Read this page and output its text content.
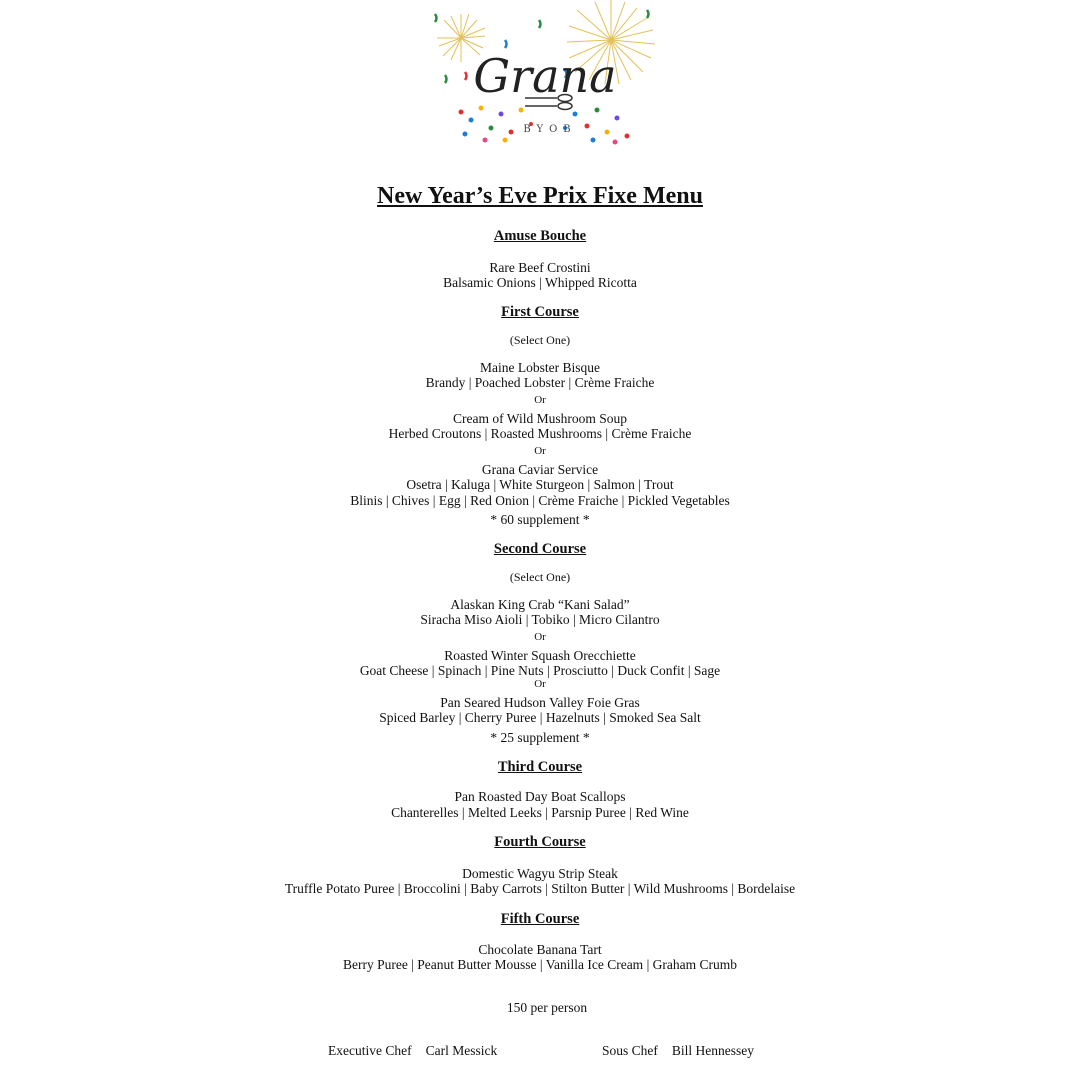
Grana
BYOB
New Year’s Eve Prix Fixe Menu
Amuse Bouche
Rare Beef Crostini
Balsamic Onions | Whipped Ricotta
First Course
(Select One)
Maine Lobster Bisque
Brandy | Poached Lobster | Crème Fraiche
Or
Cream of Wild Mushroom Soup
Herbed Croutons | Roasted Mushrooms | Crème Fraiche
Or
Grana Caviar Service
Osetra | Kaluga | White Sturgeon | Salmon | Trout
Blinis | Chives | Egg | Red Onion | Crème Fraiche | Pickled Vegetables
* 60 supplement *
Second Course
(Select One)
Alaskan King Crab “Kani Salad”
Siracha Miso Aioli | Tobiko | Micro Cilantro
Or
Roasted Winter Squash Orecchiette
Goat Cheese | Spinach | Pine Nuts | Prosciutto | Duck Confit | Sage
Or
Pan Seared Hudson Valley Foie Gras
Spiced Barley | Cherry Puree | Hazelnuts | Smoked Sea Salt
* 25 supplement *
Third Course
Pan Roasted Day Boat Scallops
Chanterelles | Melted Leeks | Parsnip Puree | Red Wine
Fourth Course
Domestic Wagyu Strip Steak
Truffle Potato Puree | Broccolini | Baby Carrots | Stilton Butter | Wild Mushrooms | Bordelaise
Fifth Course
Chocolate Banana Tart
Berry Puree | Peanut Butter Mousse | Vanilla Ice Cream | Graham Crumb
150 per person
Executive Chef Carl Messick	Sous Chef Bill Hennessey
